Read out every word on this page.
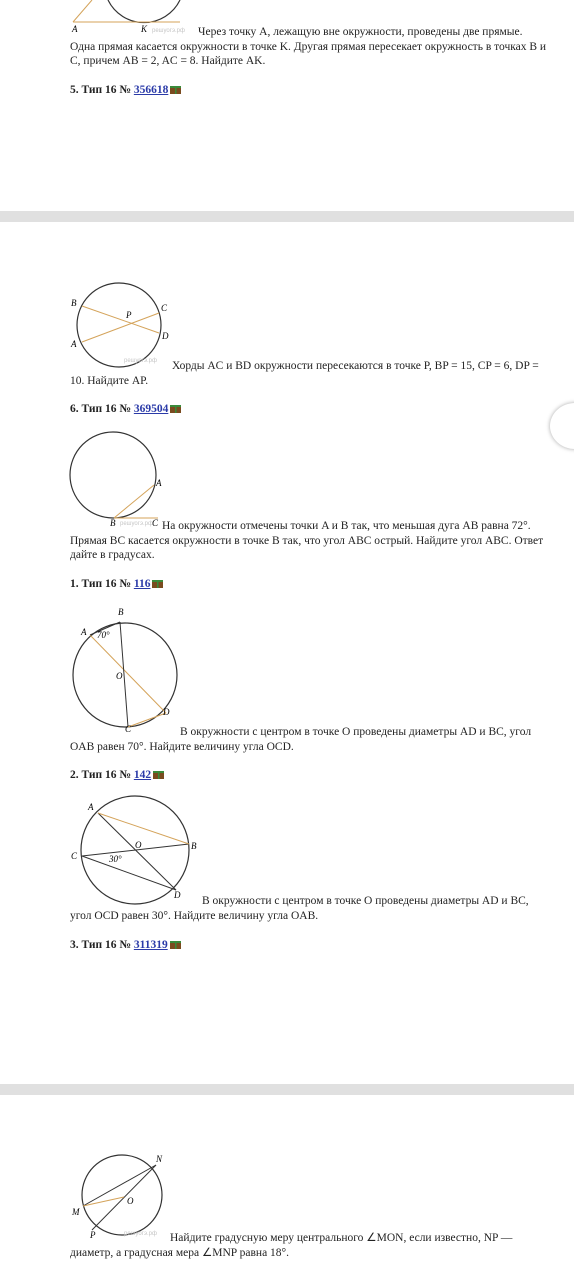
A	K решуогэ.рф	Через точку A, лежащую вне окружности, проведены две прямые. Одна прямая касается окружности в точке K. Другая прямая пересекает окружность в точках B и C, причем AB = 2, AC = 8. Найдите AK.
5. Тип 16 № 356618
B	C
P
D
A
решуогэ.рф	Хорды AC и BD окружности пересекаются в точке P, BP = 15, CP = 6, DP = 10. Найдите AP.
6. Тип 16 № 369504
A
B	C
решуогэ.рф На окружности отмечены точки A и B так, что меньшая дуга AB равна 72°. Прямая BC касается окружности в точке B так, что угол ABC острый. Найдите угол ABC. Ответ дайте в градусах.
1. Тип 16 № 116
A
B
70°
O
D
C	В окружности с центром в точке O проведены диаметры AD и BC, угол OAB равен 70°. Найдите величину угла OCD.
2. Тип 16 № 142
A
B
O
C	30°
D	В окружности с центром в точке O проведены диаметры AD и BC, угол OCD равен 30°. Найдите величину угла OAB.
3. Тип 16 № 311319
N
O
M
P	решуогэ.рф	Найдите градусную меру центрального ∠MON, если известно, NP — диаметр, а градусная мера ∠MNP равна 18°.
